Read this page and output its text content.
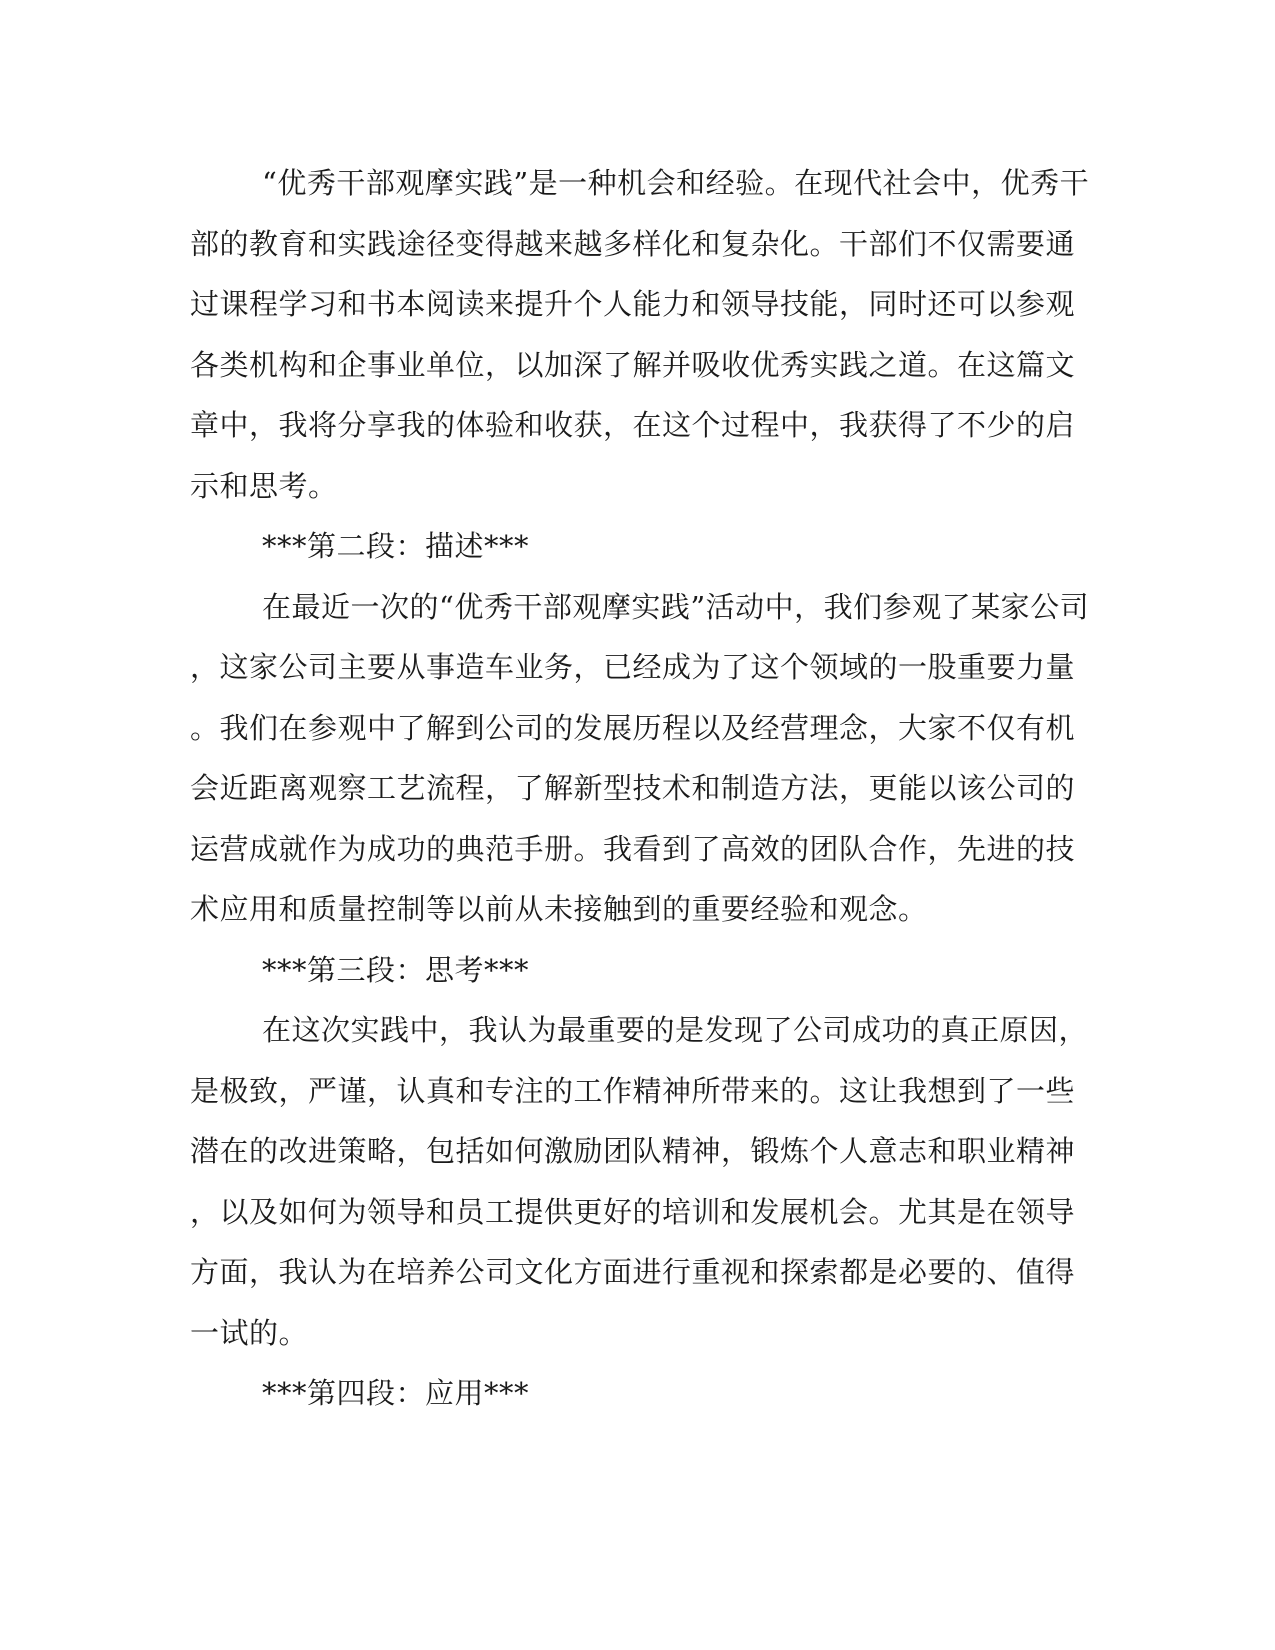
“优秀干部观摩实践”是一种机会和经验。在现代社会中，优秀干
部的教育和实践途径变得越来越多样化和复杂化。干部们不仅需要通
过课程学习和书本阅读来提升个人能力和领导技能，同时还可以参观
各类机构和企事业单位，以加深了解并吸收优秀实践之道。在这篇文
章中，我将分享我的体验和收获，在这个过程中，我获得了不少的启
示和思考。
***第二段：描述***
在最近一次的“优秀干部观摩实践”活动中，我们参观了某家公司
，这家公司主要从事造车业务，已经成为了这个领域的一股重要力量
。我们在参观中了解到公司的发展历程以及经营理念，大家不仅有机
会近距离观察工艺流程，了解新型技术和制造方法，更能以该公司的
运营成就作为成功的典范手册。我看到了高效的团队合作，先进的技
术应用和质量控制等以前从未接触到的重要经验和观念。
***第三段：思考***
在这次实践中，我认为最重要的是发现了公司成功的真正原因，
是极致，严谨，认真和专注的工作精神所带来的。这让我想到了一些
潜在的改进策略，包括如何激励团队精神，锻炼个人意志和职业精神
，以及如何为领导和员工提供更好的培训和发展机会。尤其是在领导
方面，我认为在培养公司文化方面进行重视和探索都是必要的、值得
一试的。
***第四段：应用***
